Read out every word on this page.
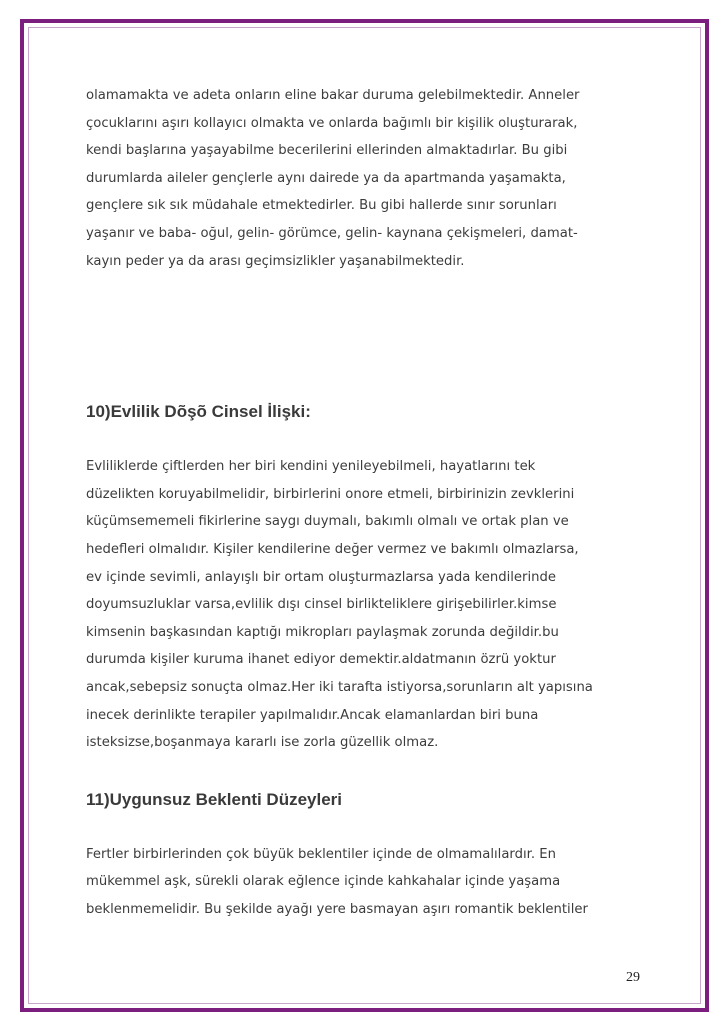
olamamakta ve adeta onların eline bakar duruma gelebilmektedir. Anneler
çocuklarını aşırı kollayıcı olmakta ve onlarda bağımlı bir kişilik oluşturarak,
kendi başlarına yaşayabilme becerilerini ellerinden almaktadırlar. Bu gibi
durumlarda aileler gençlerle aynı dairede ya da apartmanda yaşamakta,
gençlere sık sık müdahale etmektedirler. Bu gibi hallerde sınır sorunları
yaşanır ve baba- oğul, gelin- görümce, gelin- kaynana çekişmeleri, damat-
kayın peder ya da arası geçimsizlikler yaşanabilmektedir.

10)Evlilik Dõşõ Cinsel İlişki:

Evliliklerde çiftlerden her biri kendini yenileyebilmeli, hayatlarını tek
düzelikten koruyabilmelidir, birbirlerini onore etmeli, birbirinizin zevklerini
küçümsememeli fikirlerine saygı duymalı, bakımlı olmalı ve ortak plan ve
hedefleri olmalıdır. Kişiler kendilerine değer vermez ve bakımlı olmazlarsa,
ev içinde sevimli, anlayışlı bir ortam oluşturmazlarsa yada kendilerinde
doyumsuzluklar varsa,evlilik dışı cinsel birlikteliklere girişebilirler.kimse
kimsenin başkasından kaptığı mikropları paylaşmak zorunda değildir.bu
durumda kişiler kuruma ihanet ediyor demektir.aldatmanın özrü yoktur
ancak,sebepsiz sonuçta olmaz.Her iki tarafta istiyorsa,sorunların alt yapısına
inecek derinlikte terapiler yapılmalıdır.Ancak elamanlardan biri buna
isteksizse,boşanmaya kararlı ise zorla güzellik olmaz.

11)Uygunsuz Beklenti Düzeyleri

Fertler birbirlerinden çok büyük beklentiler içinde de olmamalılardır. En
mükemmel aşk, sürekli olarak eğlence içinde kahkahalar içinde yaşama
beklenmemelidir. Bu şekilde ayağı yere basmayan aşırı romantik beklentiler

29
